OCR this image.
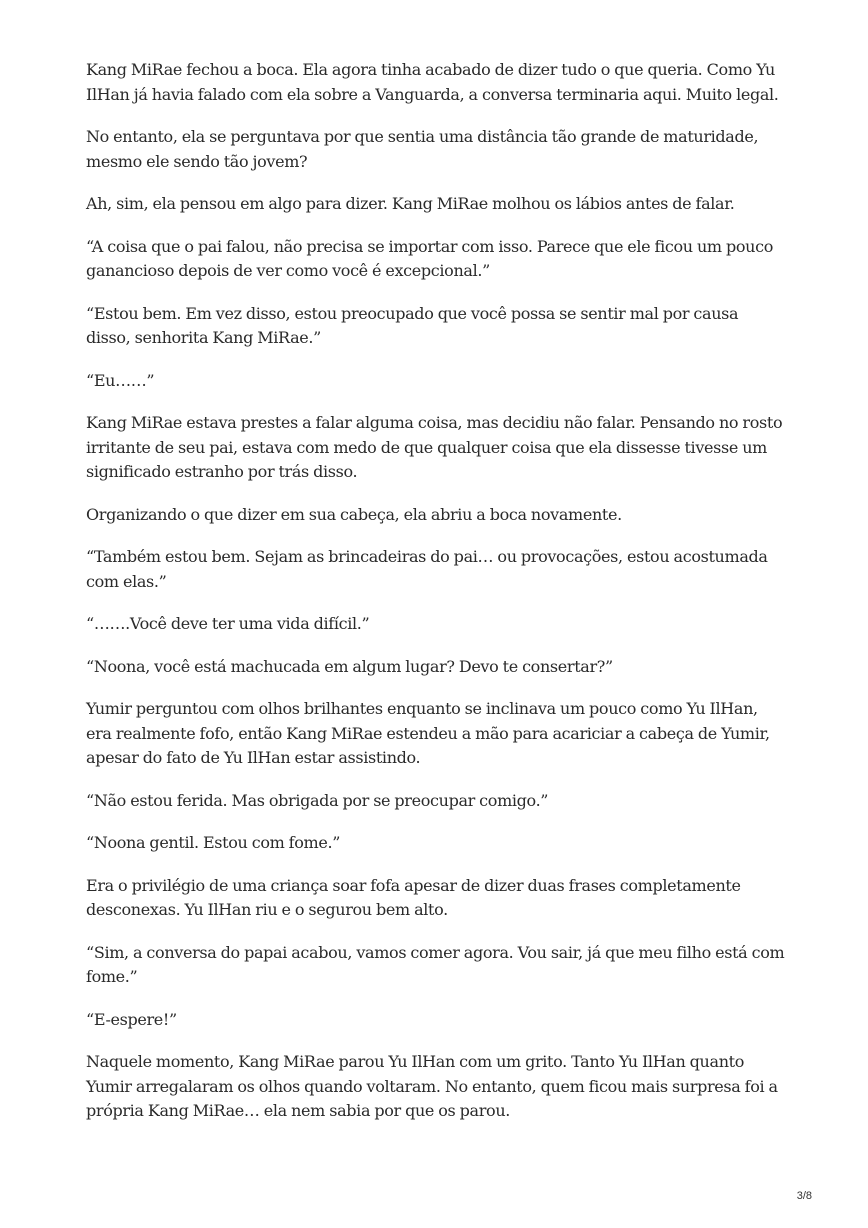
Kang MiRae fechou a boca. Ela agora tinha acabado de dizer tudo o que queria. Como Yu IlHan já havia falado com ela sobre a Vanguarda, a conversa terminaria aqui. Muito legal.

No entanto, ela se perguntava por que sentia uma distância tão grande de maturidade, mesmo ele sendo tão jovem?

Ah, sim, ela pensou em algo para dizer. Kang MiRae molhou os lábios antes de falar.

“A coisa que o pai falou, não precisa se importar com isso. Parece que ele ficou um pouco ganancioso depois de ver como você é excepcional.”

“Estou bem. Em vez disso, estou preocupado que você possa se sentir mal por causa disso, senhorita Kang MiRae.”

“Eu……”

Kang MiRae estava prestes a falar alguma coisa, mas decidiu não falar. Pensando no rosto irritante de seu pai, estava com medo de que qualquer coisa que ela dissesse tivesse um significado estranho por trás disso.

Organizando o que dizer em sua cabeça, ela abriu a boca novamente.

“Também estou bem. Sejam as brincadeiras do pai… ou provocações, estou acostumada com elas.”

“…….Você deve ter uma vida difícil.”

“Noona, você está machucada em algum lugar? Devo te consertar?”

Yumir perguntou com olhos brilhantes enquanto se inclinava um pouco como Yu IlHan, era realmente fofo, então Kang MiRae estendeu a mão para acariciar a cabeça de Yumir, apesar do fato de Yu IlHan estar assistindo.

“Não estou ferida. Mas obrigada por se preocupar comigo.”

“Noona gentil. Estou com fome.”

Era o privilégio de uma criança soar fofa apesar de dizer duas frases completamente desconexas. Yu IlHan riu e o segurou bem alto.

“Sim, a conversa do papai acabou, vamos comer agora. Vou sair, já que meu filho está com fome.”

“E-espere!”

Naquele momento, Kang MiRae parou Yu IlHan com um grito. Tanto Yu IlHan quanto Yumir arregalaram os olhos quando voltaram. No entanto, quem ficou mais surpresa foi a própria Kang MiRae… ela nem sabia por que os parou.

3/8
